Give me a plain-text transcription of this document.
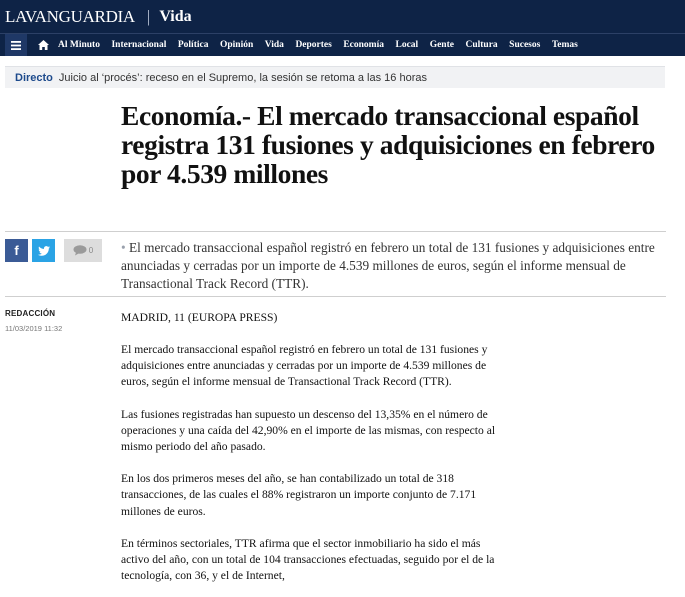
LAVANGUARDIA | Vida
Al Minuto Internacional Política Opinión Vida Deportes Economía Local Gente Cultura Sucesos Temas
Directo Juicio al ‘procés’: receso en el Supremo, la sesión se retoma a las 16 horas
Economía.- El mercado transaccional español registra 131 fusiones y adquisiciones en febrero por 4.539 millones
f	0 • El mercado transaccional español registró en febrero un total de 131 fusiones y adquisiciones entre anunciadas y cerradas por un importe de 4.539 millones de euros, según el informe mensual de Transactional Track Record (TTR).
REDACCIÓN
11/03/2019 11:32
MADRID, 11 (EUROPA PRESS)

El mercado transaccional español registró en febrero un total de 131 fusiones y adquisiciones entre anunciadas y cerradas por un importe de 4.539 millones de euros, según el informe mensual de Transactional Track Record (TTR).

Las fusiones registradas han supuesto un descenso del 13,35% en el número de operaciones y una caída del 42,90% en el importe de las mismas, con respecto al mismo periodo del año pasado.

En los dos primeros meses del año, se han contabilizado un total de 318 transacciones, de las cuales el 88% registraron un importe conjunto de 7.171 millones de euros.

En términos sectoriales, TTR afirma que el sector inmobiliario ha sido el más activo del año, con un total de 104 transacciones efectuadas, seguido por el de la tecnología, con 36, y el de Internet,
